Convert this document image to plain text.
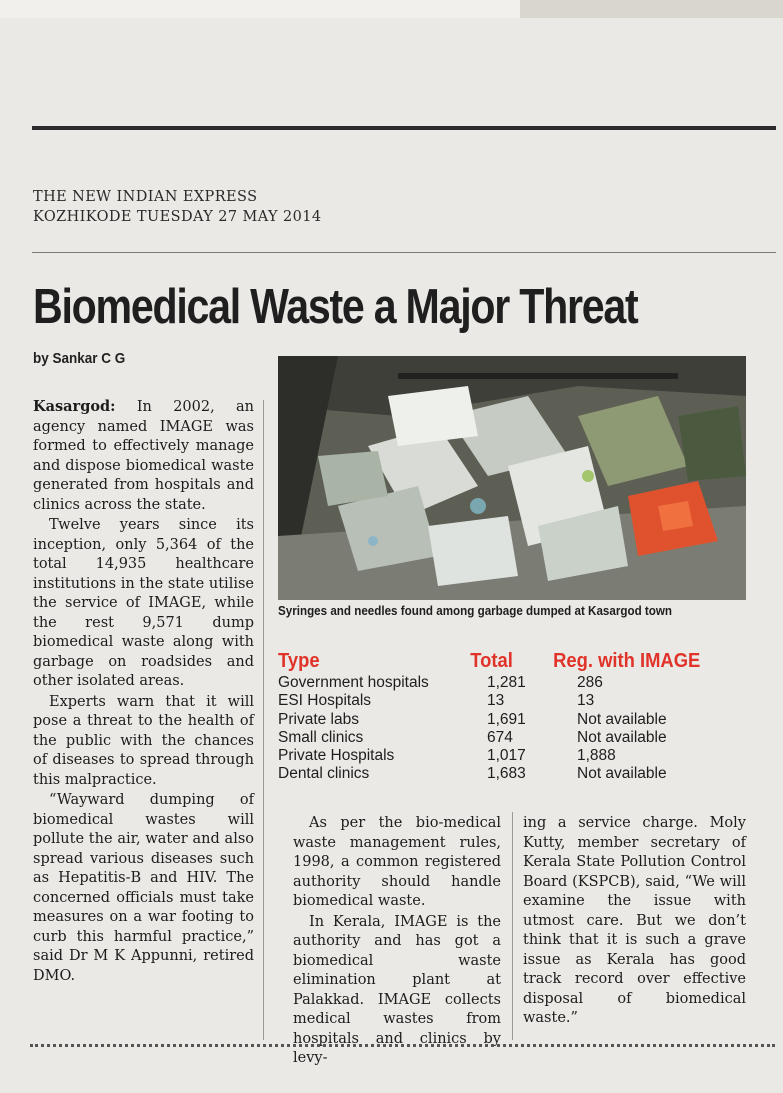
THE NEW INDIAN EXPRESS
KOZHIKODE TUESDAY 27 MAY 2014
Biomedical Waste a Major Threat
by Sankar C G
Syringes and needles found among garbage dumped at Kasargod town

Kasargod: In 2002, an agency named IMAGE was formed to effectively manage and dispose biomedical waste generated from hospitals and clinics across the state.

Twelve years since its inception, only 5,364 of the total 14,935 healthcare institutions in the state utilise the service of IMAGE, while the rest 9,571 dump biomedical waste along with garbage on roadsides and other isolated areas.

Experts warn that it will pose a threat to the health of the public with the chances of diseases to spread through this malpractice.

“Wayward dumping of biomedical wastes will pollute the air, water and also spread various diseases such as Hepatitis-B and HIV. The concerned officials must take measures on a war footing to curb this harmful practice,” said Dr M K Appunni, retired DMO.

Type	Total	Reg. with IMAGE
Government hospitals	1,281	286
ESI Hospitals	13	13
Private labs	1,691	Not available
Small clinics	674	Not available
Private Hospitals	1,017	1,888
Dental clinics	1,683	Not available

As per the bio-medical waste management rules, 1998, a common registered authority should handle biomedical waste.

In Kerala, IMAGE is the authority and has got a biomedical waste elimination plant at Palakkad. IMAGE collects medical wastes from hospitals and clinics by levy-

ing a service charge. Moly Kutty, member secretary of Kerala State Pollution Control Board (KSPCB), said, “We will examine the issue with utmost care. But we don’t think that it is such a grave issue as Kerala has good track record over effective disposal of biomedical waste.”
